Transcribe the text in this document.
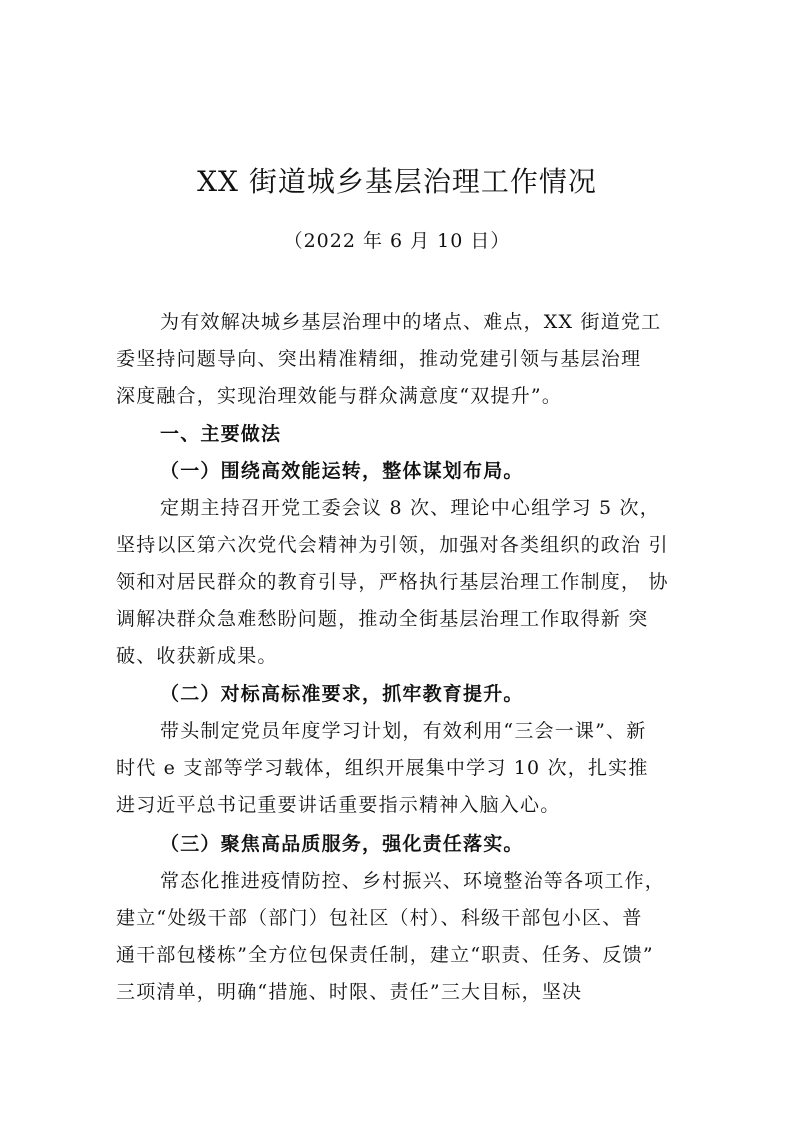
XX 街道城乡基层治理工作情况
（2022 年 6 月 10 日）
为有效解决城乡基层治理中的堵点、难点，XX 街道党工
委坚持问题导向、突出精准精细，推动党建引领与基层治理
深度融合，实现治理效能与群众满意度“双提升”。
一、主要做法
（一）围绕高效能运转，整体谋划布局。
定期主持召开党工委会议 8 次、理论中心组学习 5 次，
坚持以区第六次党代会精神为引领，加强对各类组织的政治 引
领和对居民群众的教育引导，严格执行基层治理工作制度， 协
调解决群众急难愁盼问题，推动全街基层治理工作取得新 突
破、收获新成果。
（二）对标高标准要求，抓牢教育提升。
带头制定党员年度学习计划，有效利用“三会一课”、新
时代 e 支部等学习载体，组织开展集中学习 10 次，扎实推
进习近平总书记重要讲话重要指示精神入脑入心。
（三）聚焦高品质服务，强化责任落实。
常态化推进疫情防控、乡村振兴、环境整治等各项工作，
建立“处级干部（部门）包社区（村）、科级干部包小区、普
通干部包楼栋”全方位包保责任制，建立“职责、任务、反馈”
三项清单，明确“措施、时限、责任”三大目标，坚决
